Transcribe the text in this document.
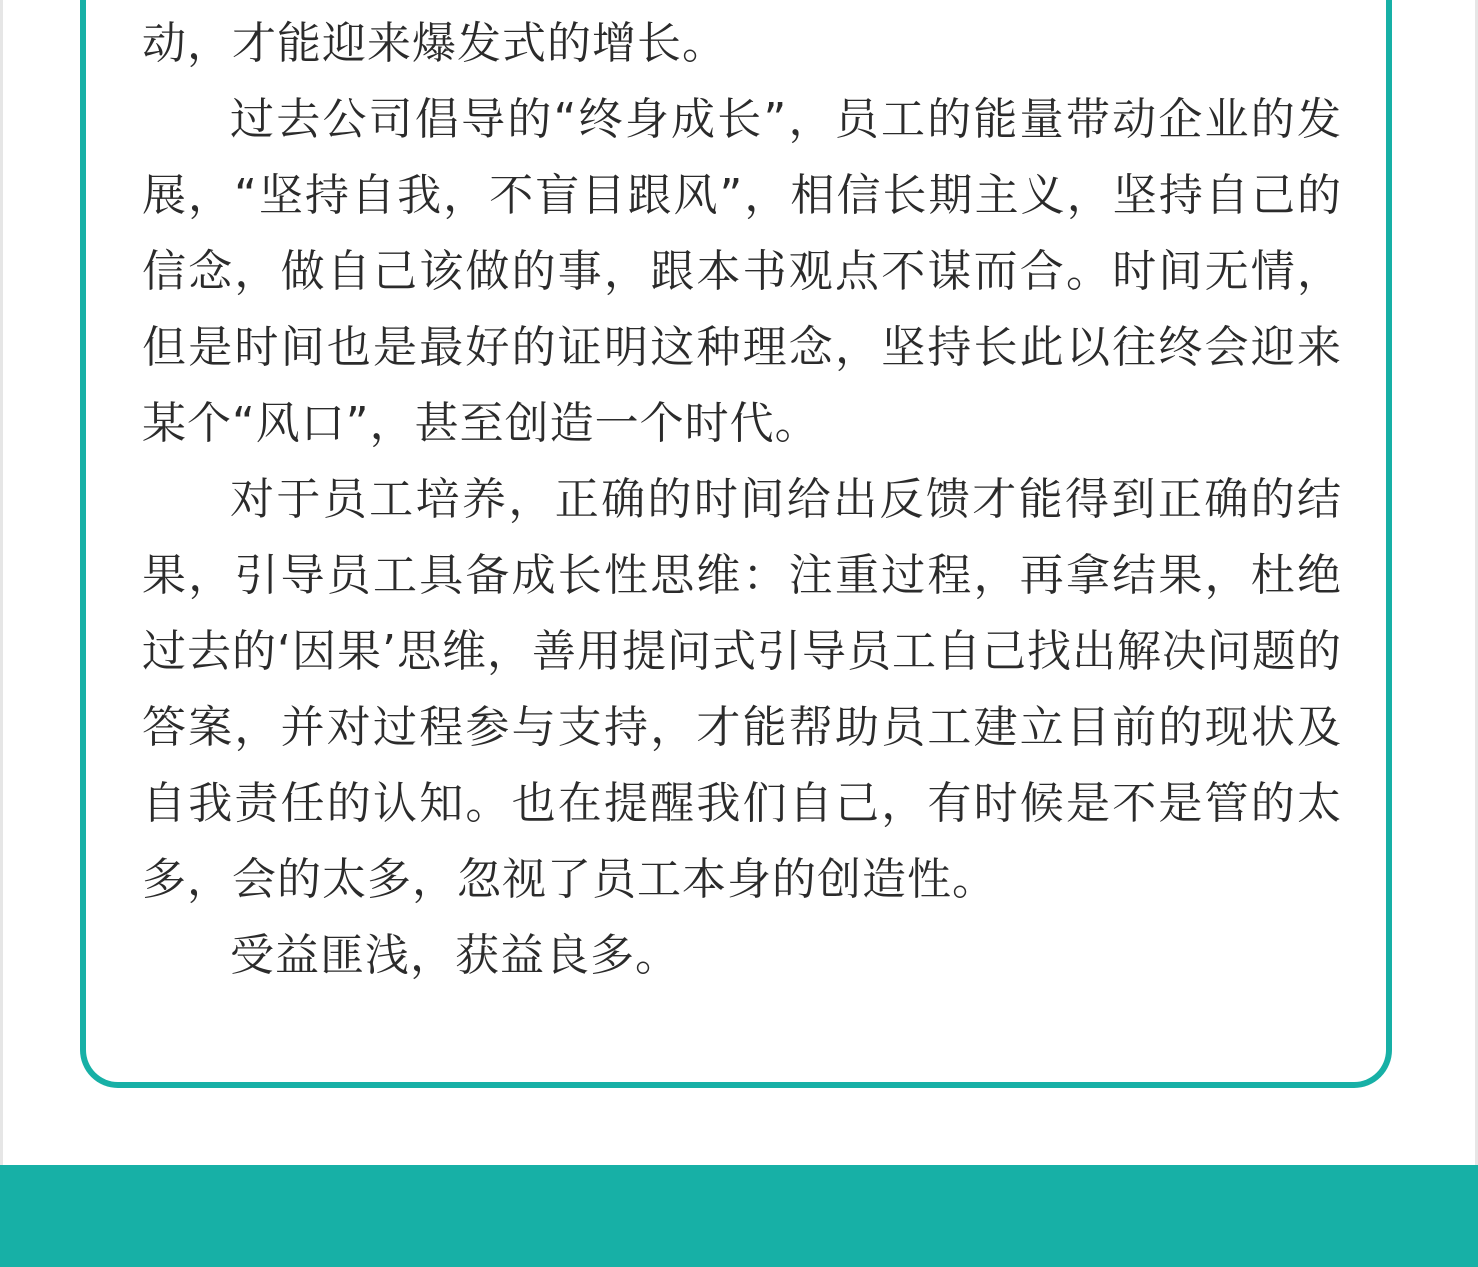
动，才能迎来爆发式的增长。

过去公司倡导的“终身成长”，员工的能量带动企业的发展，“坚持自我，不盲目跟风”，相信长期主义，坚持自己的信念，做自己该做的事，跟本书观点不谋而合。时间无情，但是时间也是最好的证明这种理念，坚持长此以往终会迎来某个“风口”，甚至创造一个时代。

对于员工培养，正确的时间给出反馈才能得到正确的结果，引导员工具备成长性思维：注重过程，再拿结果，杜绝过去的‘因果’思维，善用提问式引导员工自己找出解决问题的答案，并对过程参与支持，才能帮助员工建立目前的现状及自我责任的认知。也在提醒我们自己，有时候是不是管的太多，会的太多，忽视了员工本身的创造性。

受益匪浅，获益良多。
